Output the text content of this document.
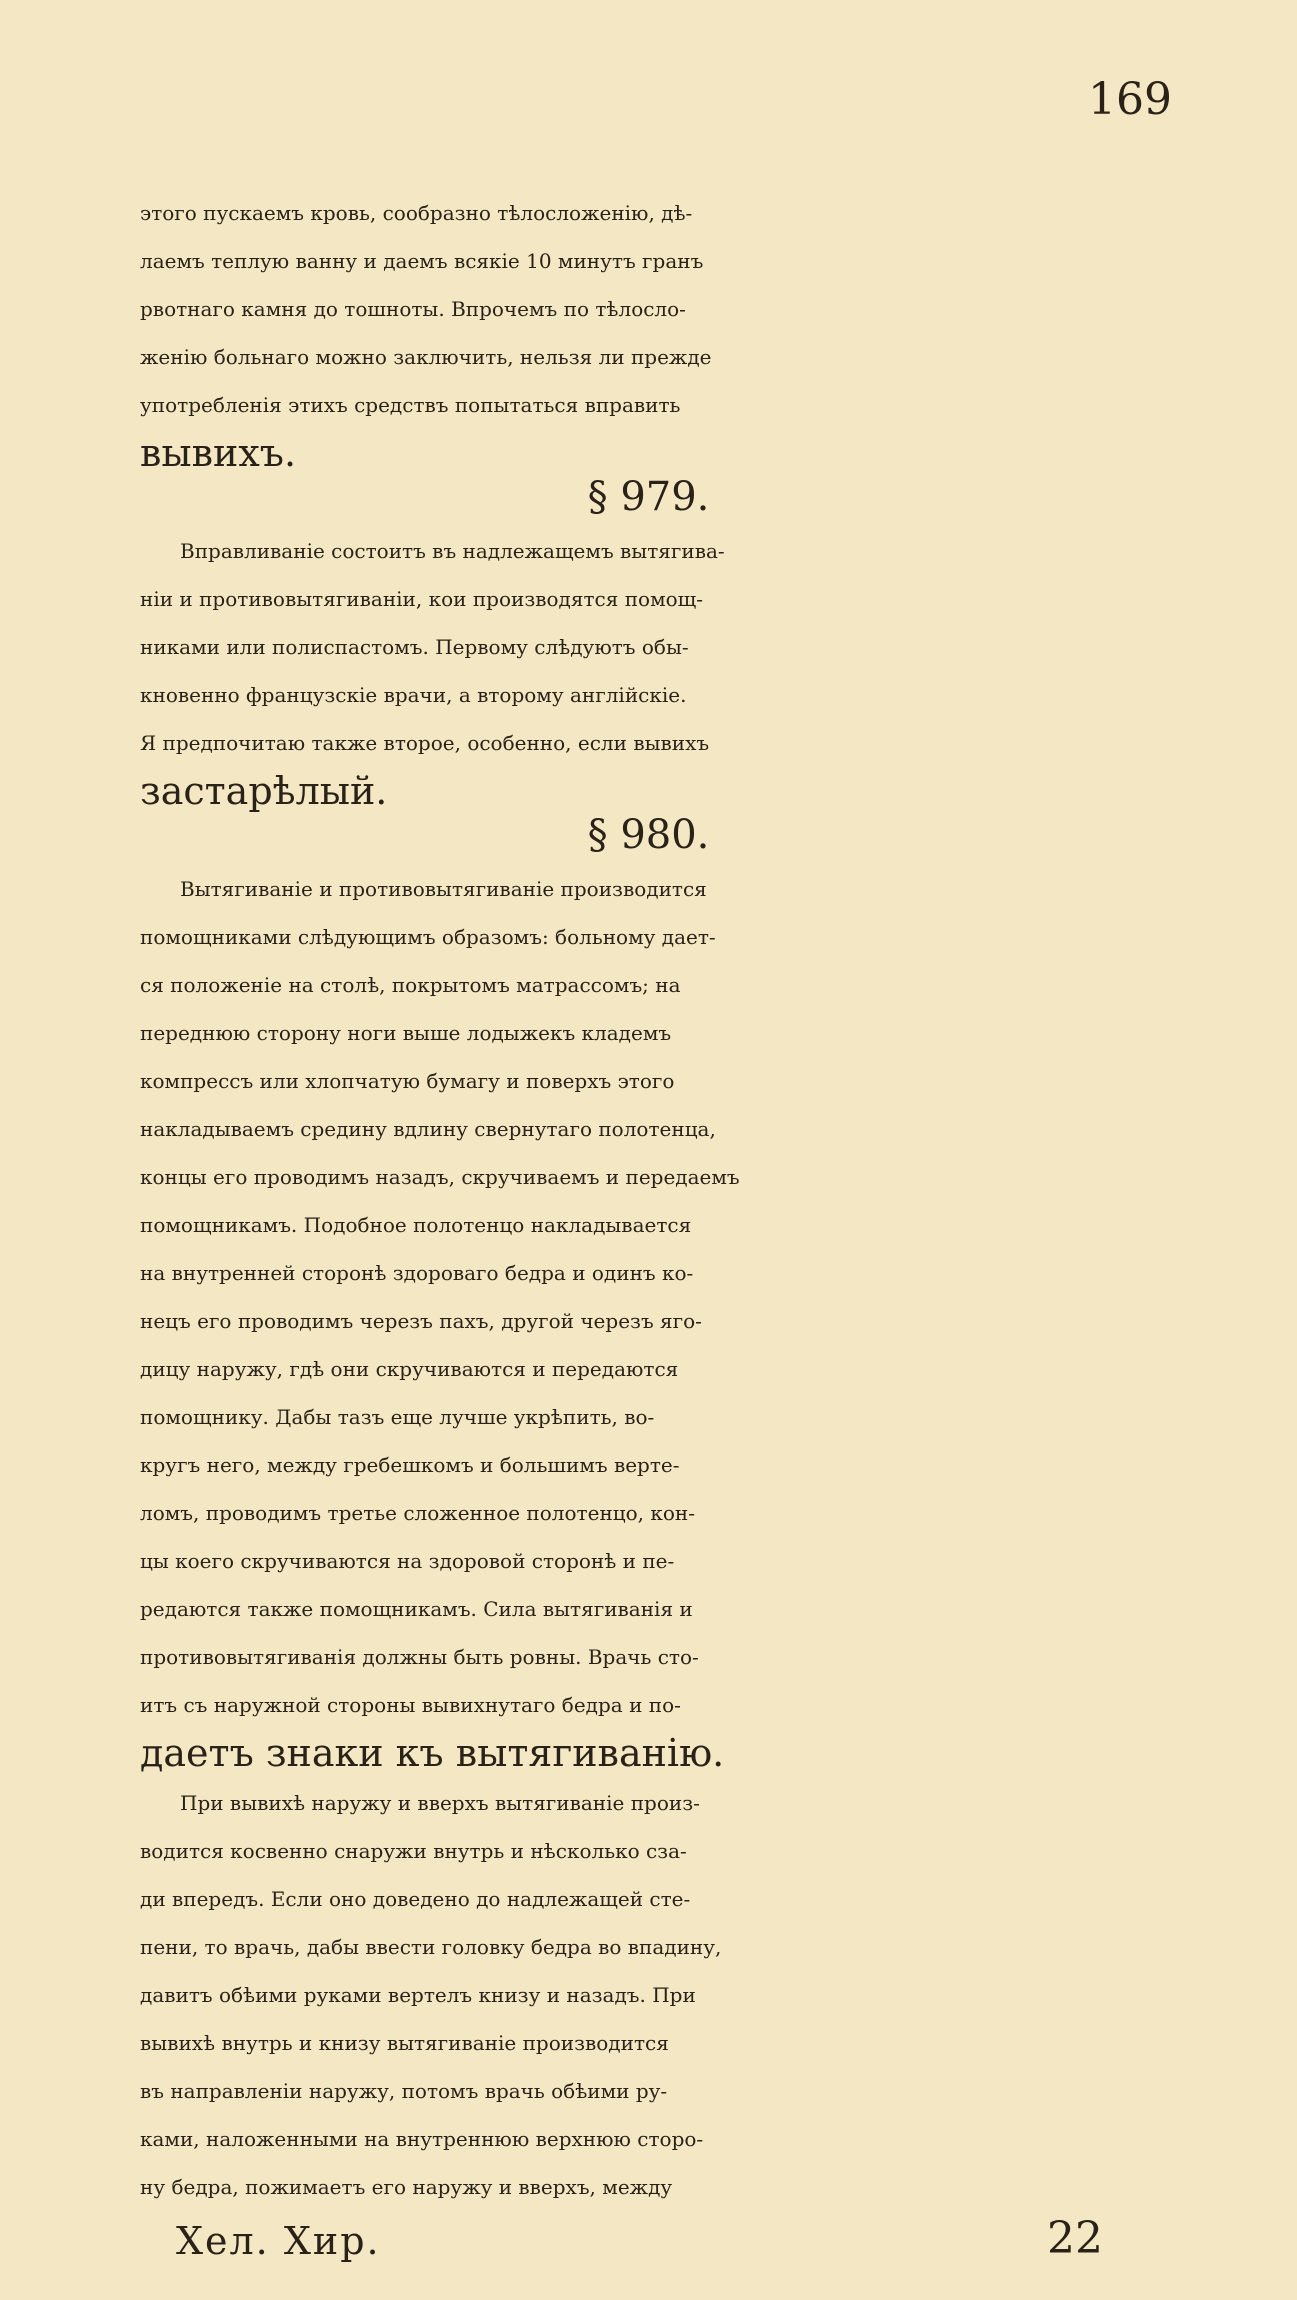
169
этого пускаемъ кровь, сообразно тѣлосложенію, дѣ-
лаемъ теплую ванну и даемъ всякіе 10 минутъ гранъ
рвотнаго камня до тошноты. Впрочемъ по тѣлосло-
женію больнаго можно заключить, нельзя ли прежде
употребленія этихъ средствъ попытаться вправить
вывихъ.
§ 979.
Вправливаніе состоитъ въ надлежащемъ вытягива-
ніи и противовытягиваніи, кои производятся помощ-
никами или полиспастомъ. Первому слѣдуютъ обы-
кновенно французскіе врачи, а второму англійскіе.
Я предпочитаю также второе, особенно, если вывихъ
застарѣлый.
§ 980.
Вытягиваніе и противовытягиваніе производится
помощниками слѣдующимъ образомъ: больному дает-
ся положеніе на столѣ, покрытомъ матрассомъ; на
переднюю сторону ноги выше лодыжекъ кладемъ
компрессъ или хлопчатую бумагу и поверхъ этого
накладываемъ средину вдлину свернутаго полотенца,
концы его проводимъ назадъ, скручиваемъ и передаемъ
помощникамъ. Подобное полотенцо накладывается
на внутренней сторонѣ здороваго бедра и одинъ ко-
нецъ его проводимъ черезъ пахъ, другой черезъ яго-
дицу наружу, гдѣ они скручиваются и передаются
помощнику. Дабы тазъ еще лучше укрѣпить, во-
кругъ него, между гребешкомъ и большимъ верте-
ломъ, проводимъ третье сложенное полотенцо, кон-
цы коего скручиваются на здоровой сторонѣ и пе-
редаются также помощникамъ. Сила вытягиванія и
противовытягиванія должны быть ровны. Врачь сто-
итъ съ наружной стороны вывихнутаго бедра и по-
даетъ знаки къ вытягиванію.
При вывихѣ наружу и вверхъ вытягиваніе произ-
водится косвенно снаружи внутрь и нѣсколько сза-
ди впередъ. Если оно доведено до надлежащей сте-
пени, то врачь, дабы ввести головку бедра во впадину,
давитъ обѣими руками вертелъ книзу и назадъ. При
вывихѣ внутрь и книзу вытягиваніе производится
въ направленіи наружу, потомъ врачь обѣими ру-
ками, наложенными на внутреннюю верхнюю сторо-
ну бедра, пожимаетъ его наружу и вверхъ, между
Хел. Хир.	22
